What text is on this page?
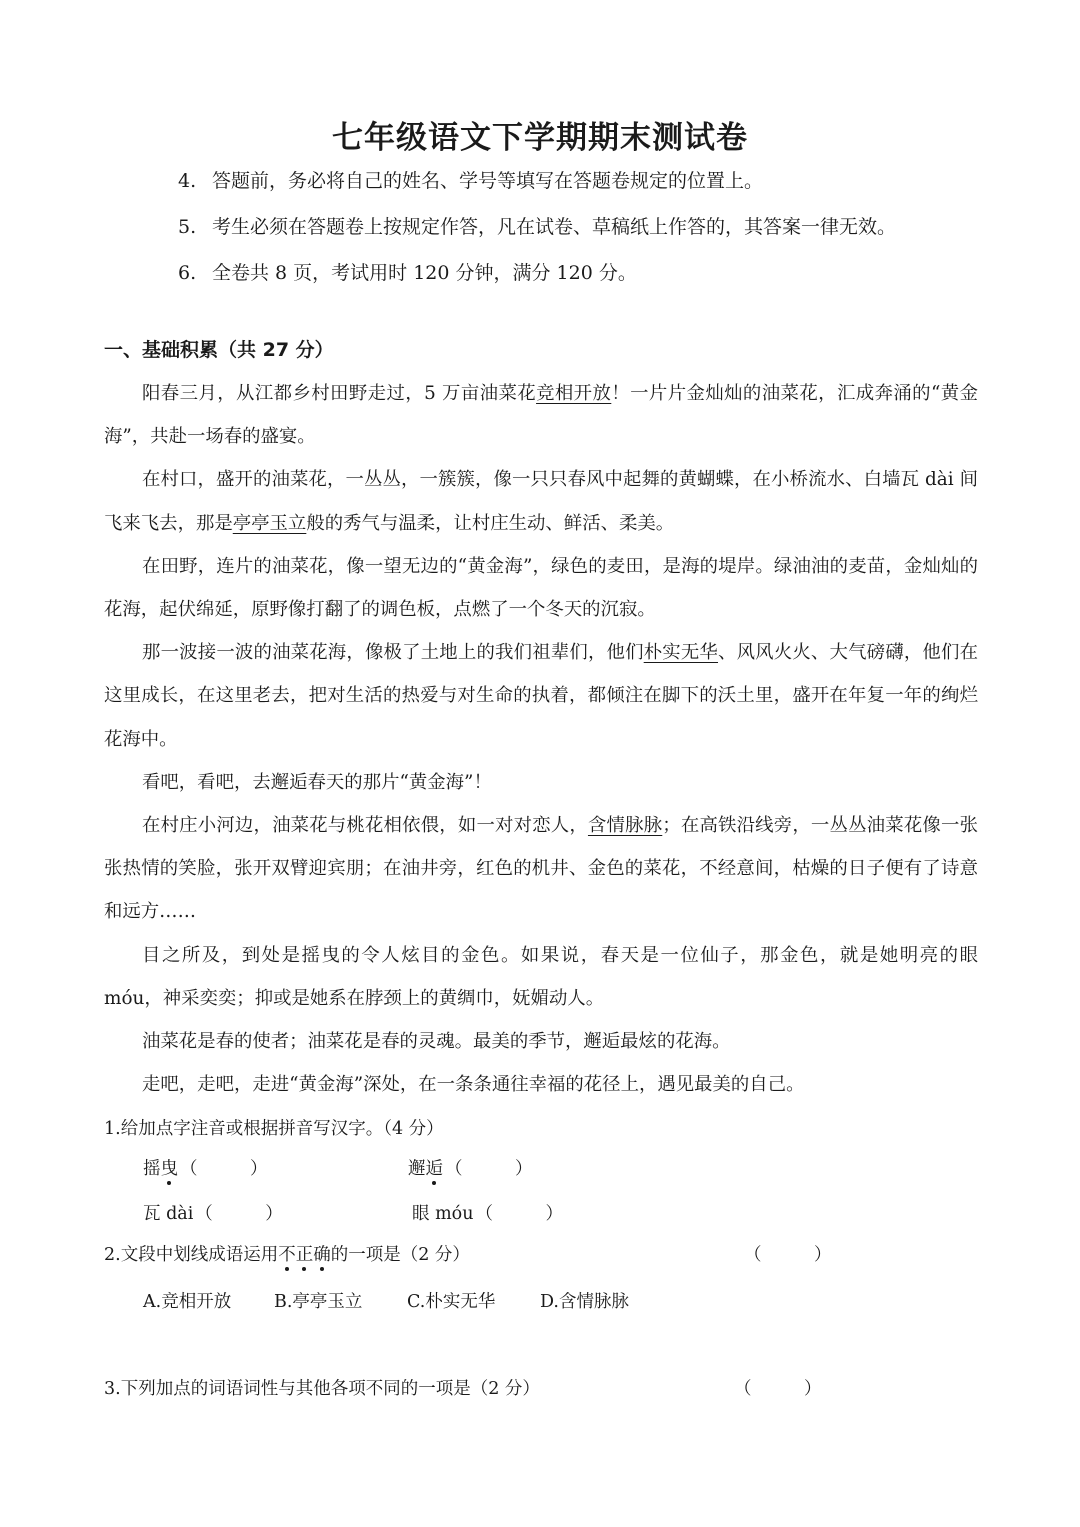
七年级语文下学期期末测试卷
4. 答题前，务必将自己的姓名、学号等填写在答题卷规定的位置上。
5. 考生必须在答题卷上按规定作答，凡在试卷、草稿纸上作答的，其答案一律无效。
6. 全卷共 8 页，考试用时 120 分钟，满分 120 分。
一、基础积累（共 27 分）

阳春三月，从江都乡村田野走过，5 万亩油菜花竞相开放！一片片金灿灿的油菜花，汇成奔涌的“黄金海”，共赴一场春的盛宴。

在村口，盛开的油菜花，一丛丛，一簇簇，像一只只春风中起舞的黄蝴蝶，在小桥流水、白墙瓦 dài 间飞来飞去，那是亭亭玉立般的秀气与温柔，让村庄生动、鲜活、柔美。

在田野，连片的油菜花，像一望无边的“黄金海”，绿色的麦田，是海的堤岸。绿油油的麦苗，金灿灿的花海，起伏绵延，原野像打翻了的调色板，点燃了一个冬天的沉寂。

那一波接一波的油菜花海，像极了土地上的我们祖辈们，他们朴实无华、风风火火、大气磅礴，他们在这里成长，在这里老去，把对生活的热爱与对生命的执着，都倾注在脚下的沃土里，盛开在年复一年的绚烂花海中。

看吧，看吧，去邂逅春天的那片“黄金海”！

在村庄小河边，油菜花与桃花相依偎，如一对对恋人，含情脉脉；在高铁沿线旁，一丛丛油菜花像一张张热情的笑脸，张开双臂迎宾朋；在油井旁，红色的机井、金色的菜花，不经意间，枯燥的日子便有了诗意和远方……

目之所及，到处是摇曳的令人炫目的金色。如果说，春天是一位仙子，那金色，就是她明亮的眼 móu，神采奕奕；抑或是她系在脖颈上的黄绸巾，妩媚动人。

油菜花是春的使者；油菜花是春的灵魂。最美的季节，邂逅最炫的花海。

走吧，走吧，走进“黄金海”深处，在一条条通往幸福的花径上，遇见最美的自己。

1.给加点字注音或根据拼音写汉字。（4 分）
摇曳 （　　　）	邂逅 （　　　）
瓦 dài （　　　）	眼 móu （　　　）
2.文段中划线成语运用不正确的一项是（2 分）	（　　　）
A.竞相开放 B.亭亭玉立	C.朴实无华	D.含情脉脉
3.下列加点的词语词性与其他各项不同的一项是（2 分）	（　　　）
